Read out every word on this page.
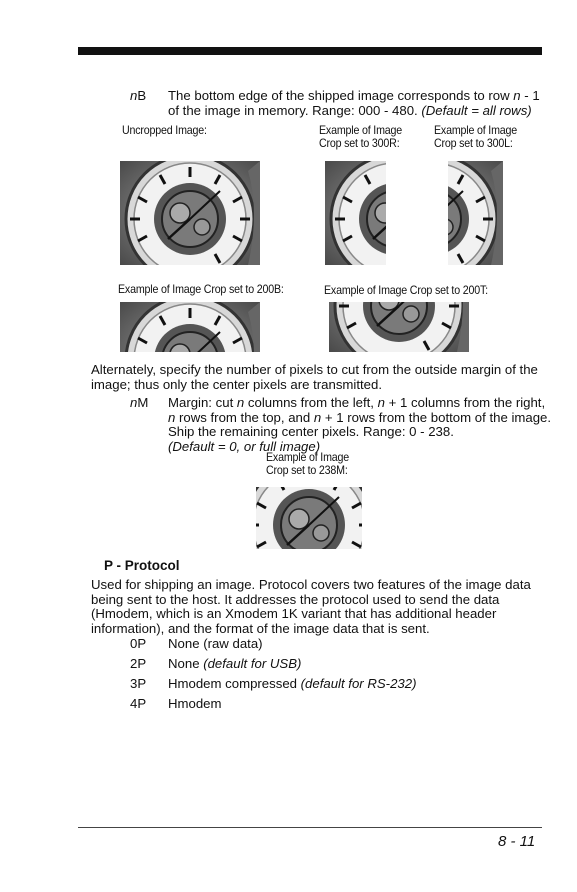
nB The bottom edge of the shipped image corresponds to row n - 1
of the image in memory. Range: 000 - 480. (Default = all rows)
Uncropped Image:	Example of Image
Crop set to 300R:
Example of Image
Crop set to 300L:
Example of Image Crop set to 200B:	Example of Image Crop set to 200T:
Alternately, specify the number of pixels to cut from the outside margin of the
image; thus only the center pixels are transmitted.
nM Margin: cut n columns from the left, n + 1 columns from the right,
n rows from the top, and n + 1 rows from the bottom of the image.
Ship the remaining center pixels. Range: 0 - 238.
(Default = 0, or full image)
Example of Image
Crop set to 238M:
P - Protocol
Used for shipping an image. Protocol covers two features of the image data
being sent to the host. It addresses the protocol used to send the data
(Hmodem, which is an Xmodem 1K variant that has additional header
information), and the format of the image data that is sent.
0P None (raw data)
2P None (default for USB)
3P Hmodem compressed (default for RS-232)
4P Hmodem
8 - 11
